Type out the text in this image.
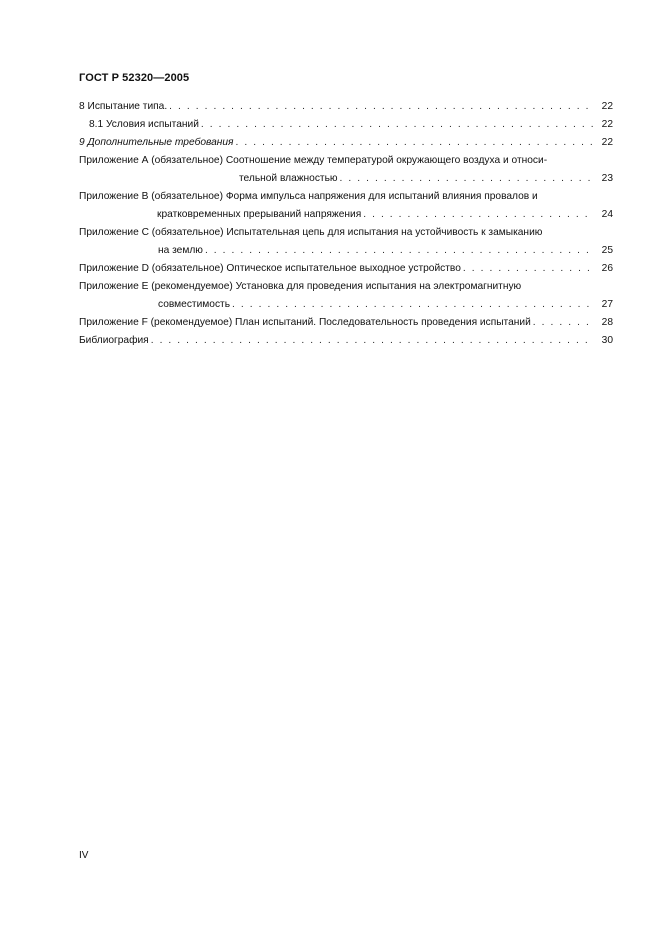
ГОСТ Р 52320—2005
8 Испытание типа. . . .	22
8.1 Условия испытаний . . .	22
9 Дополнительные требования . . .	22
Приложение А (обязательное) Соотношение между температурой окружающего воздуха и относи-
тельной влажностью . . .	23
Приложение В (обязательное) Форма импульса напряжения для испытаний влияния провалов и
кратковременных прерываний напряжения . . .	24
Приложение С (обязательное) Испытательная цепь для испытания на устойчивость к замыканию
на землю . . .	25
Приложение D (обязательное) Оптическое испытательное выходное устройство . . .	26
Приложение Е (рекомендуемое) Установка для проведения испытания на электромагнитную
совместимость . . .	27
Приложение F (рекомендуемое) План испытаний. Последовательность проведения испытаний . . .	28
Библиография . . .	30
IV
